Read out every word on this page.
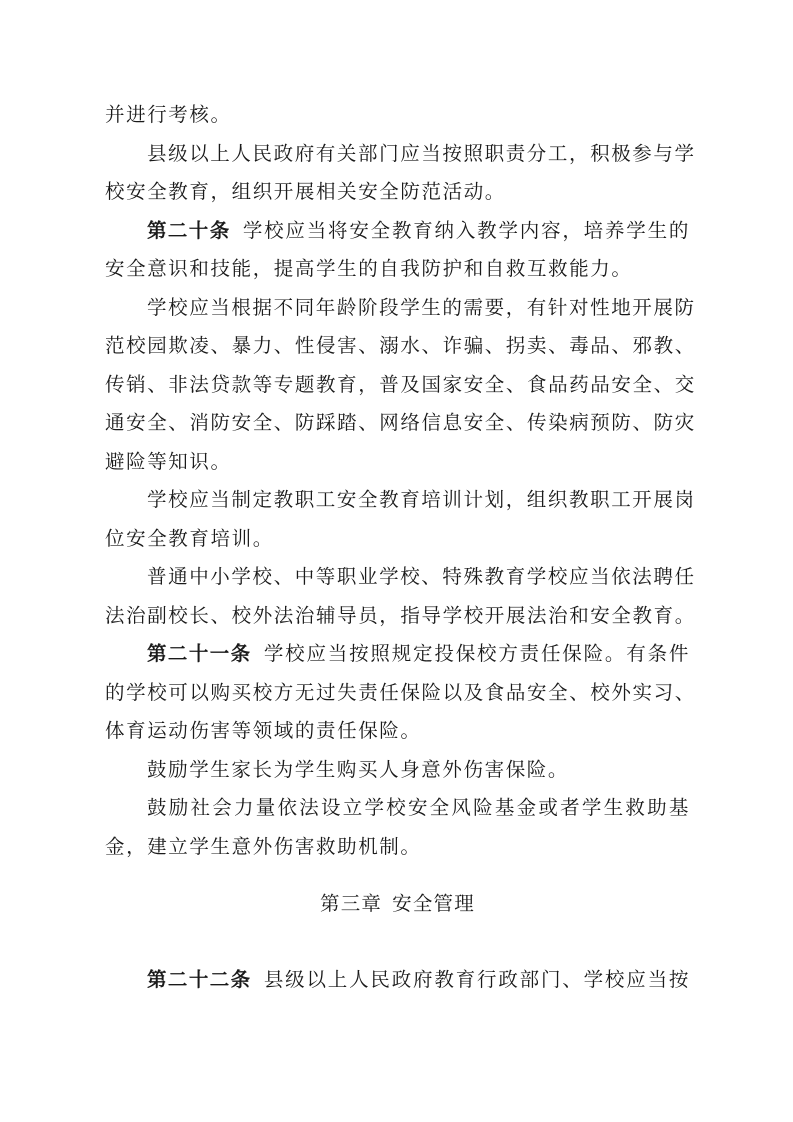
并进行考核。
县级以上人民政府有关部门应当按照职责分工，积极参与学
校安全教育，组织开展相关安全防范活动。
第二十条 学校应当将安全教育纳入教学内容，培养学生的
安全意识和技能，提高学生的自我防护和自救互救能力。
学校应当根据不同年龄阶段学生的需要，有针对性地开展防
范校园欺凌、暴力、性侵害、溺水、诈骗、拐卖、毒品、邪教、
传销、非法贷款等专题教育，普及国家安全、食品药品安全、交
通安全、消防安全、防踩踏、网络信息安全、传染病预防、防灾
避险等知识。
学校应当制定教职工安全教育培训计划，组织教职工开展岗
位安全教育培训。
普通中小学校、中等职业学校、特殊教育学校应当依法聘任
法治副校长、校外法治辅导员，指导学校开展法治和安全教育。
第二十一条 学校应当按照规定投保校方责任保险。有条件
的学校可以购买校方无过失责任保险以及食品安全、校外实习、
体育运动伤害等领域的责任保险。
鼓励学生家长为学生购买人身意外伤害保险。
鼓励社会力量依法设立学校安全风险基金或者学生救助基
金，建立学生意外伤害救助机制。
第三章 安全管理
第二十二条 县级以上人民政府教育行政部门、学校应当按
